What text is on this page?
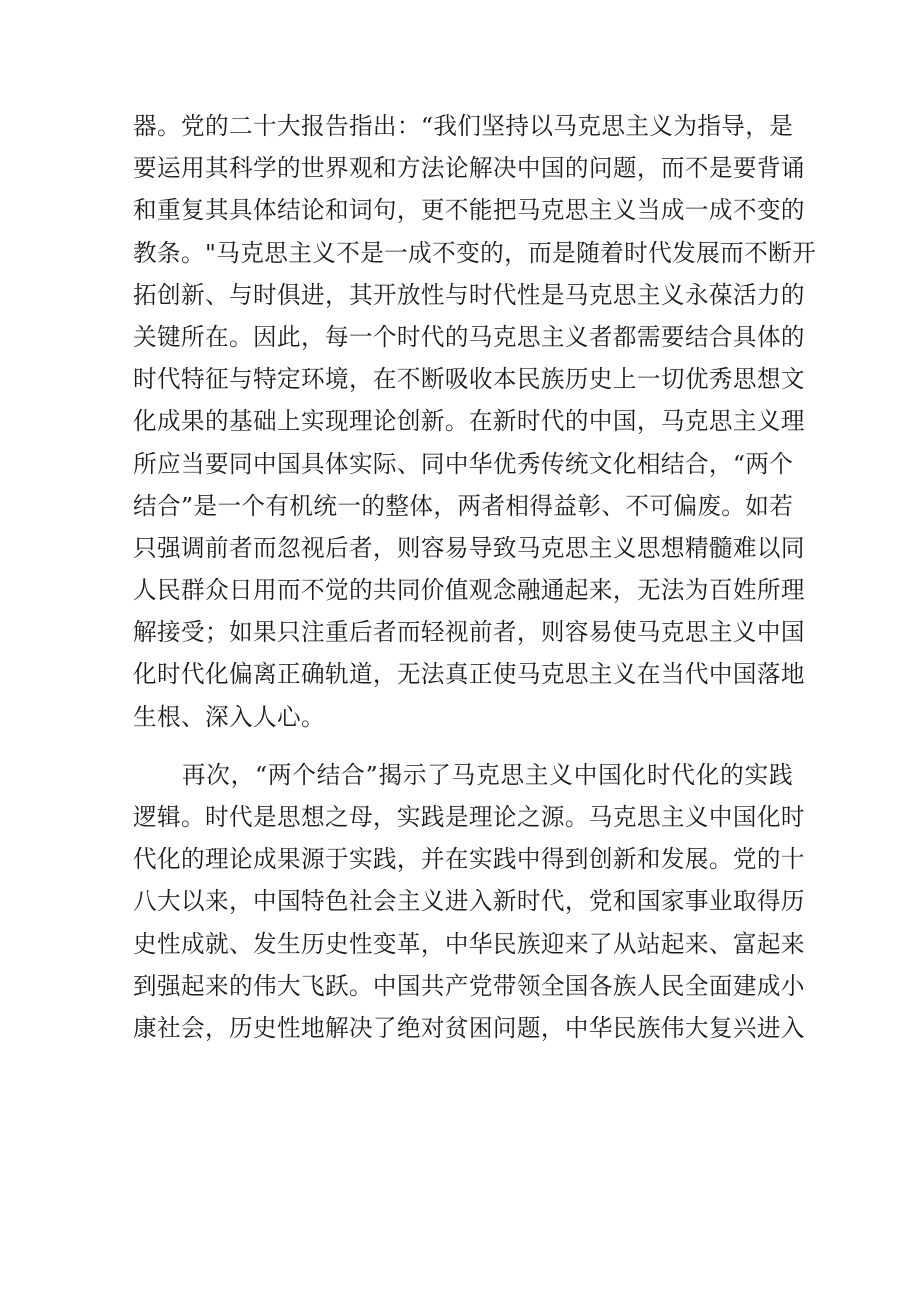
器。党的二十大报告指出：“我们坚持以马克思主义为指导，是
要运用其科学的世界观和方法论解决中国的问题，而不是要背诵
和重复其具体结论和词句，更不能把马克思主义当成一成不变的
教条。"马克思主义不是一成不变的，而是随着时代发展而不断开
拓创新、与时俱进，其开放性与时代性是马克思主义永葆活力的
关键所在。因此，每一个时代的马克思主义者都需要结合具体的
时代特征与特定环境，在不断吸收本民族历史上一切优秀思想文
化成果的基础上实现理论创新。在新时代的中国，马克思主义理
所应当要同中国具体实际、同中华优秀传统文化相结合，“两个
结合”是一个有机统一的整体，两者相得益彰、不可偏废。如若
只强调前者而忽视后者，则容易导致马克思主义思想精髓难以同
人民群众日用而不觉的共同价值观念融通起来，无法为百姓所理
解接受；如果只注重后者而轻视前者，则容易使马克思主义中国
化时代化偏离正确轨道，无法真正使马克思主义在当代中国落地
生根、深入人心。
　　再次，“两个结合”揭示了马克思主义中国化时代化的实践
逻辑。时代是思想之母，实践是理论之源。马克思主义中国化时
代化的理论成果源于实践，并在实践中得到创新和发展。党的十
八大以来，中国特色社会主义进入新时代，党和国家事业取得历
史性成就、发生历史性变革，中华民族迎来了从站起来、富起来
到强起来的伟大飞跃。中国共产党带领全国各族人民全面建成小
康社会，历史性地解决了绝对贫困问题，中华民族伟大复兴进入
